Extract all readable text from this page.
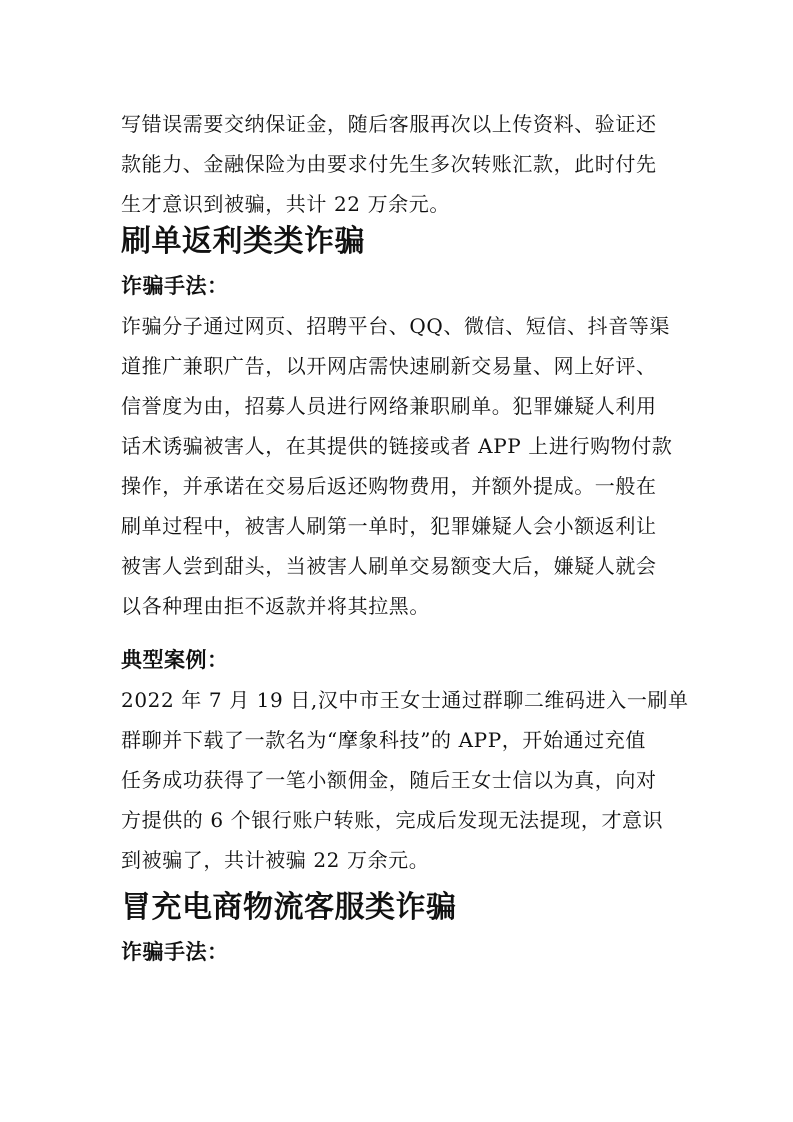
写错误需要交纳保证金，随后客服再次以上传资料、验证还
款能力、金融保险为由要求付先生多次转账汇款，此时付先
生才意识到被骗，共计 22 万余元。

刷单返利类类诈骗
诈骗手法：

诈骗分子通过网页、招聘平台、QQ、微信、短信、抖音等渠
道推广兼职广告，以开网店需快速刷新交易量、网上好评、
信誉度为由，招募人员进行网络兼职刷单。犯罪嫌疑人利用
话术诱骗被害人，在其提供的链接或者 APP 上进行购物付款
操作，并承诺在交易后返还购物费用，并额外提成。一般在
刷单过程中，被害人刷第一单时，犯罪嫌疑人会小额返利让
被害人尝到甜头，当被害人刷单交易额变大后，嫌疑人就会
以各种理由拒不返款并将其拉黑。

典型案例：

2022 年 7 月 19 日,汉中市王女士通过群聊二维码进入一刷单
群聊并下载了一款名为“摩象科技”的 APP，开始通过充值
任务成功获得了一笔小额佣金，随后王女士信以为真，向对
方提供的 6 个银行账户转账，完成后发现无法提现，才意识
到被骗了，共计被骗 22 万余元。

冒充电商物流客服类诈骗
诈骗手法：
